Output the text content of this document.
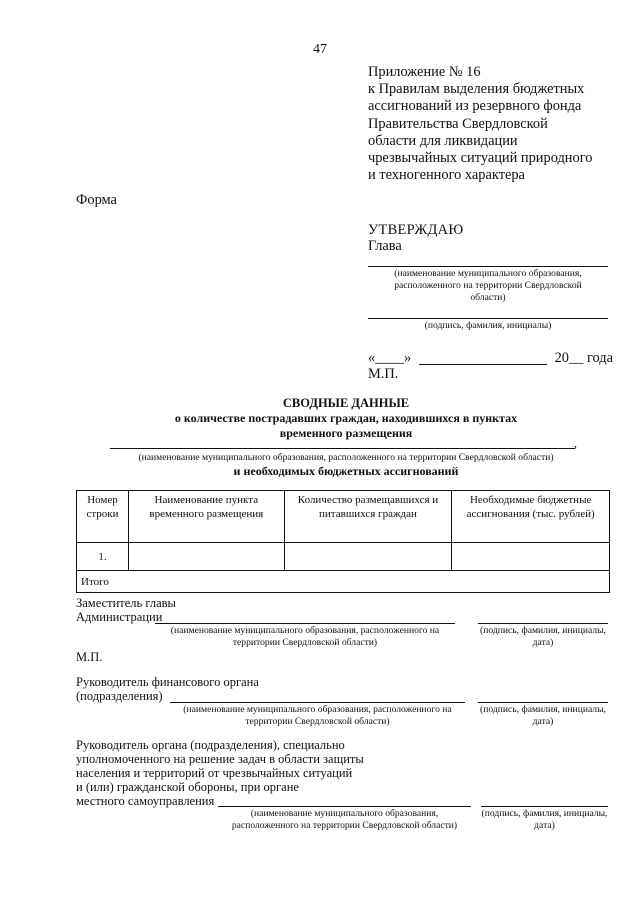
47
Приложение № 16
к Правилам выделения бюджетных
ассигнований из резервного фонда
Правительства Свердловской
области для ликвидации
чрезвычайных ситуаций природного
и техногенного характера
Форма
УТВЕРЖДАЮ
Глава
(наименование муниципального образования,
расположенного на территории Свердловской
области)
(подпись, фамилия, инициалы)
«____»	20__ года
М.П.
СВОДНЫЕ ДАННЫЕ
о количестве пострадавших граждан, находившихся в пунктах
временного размещения
,
(наименование муниципального образования, расположенного на территории Свердловской области)
и необходимых бюджетных ассигнований
Номер строки	Наименование пункта временного размещения	Количество размещавшихся и питавшихся граждан	Необходимые бюджетные ассигнования (тыс. рублей)
1.			
Итого			
Заместитель главы
Администрации
(наименование муниципального образования, расположенного на территории Свердловской области)
(подпись, фамилия, инициалы, дата)
М.П.
Руководитель финансового органа
(подразделения)
(наименование муниципального образования, расположенного на территории Свердловской области)
(подпись, фамилия, инициалы, дата)
Руководитель органа (подразделения), специально
уполномоченного на решение задач в области защиты
населения и территорий от чрезвычайных ситуаций
и (или) гражданской обороны, при органе
местного самоуправления
(наименование муниципального образования, расположенного на территории Свердловской области)
(подпись, фамилия, инициалы, дата)
